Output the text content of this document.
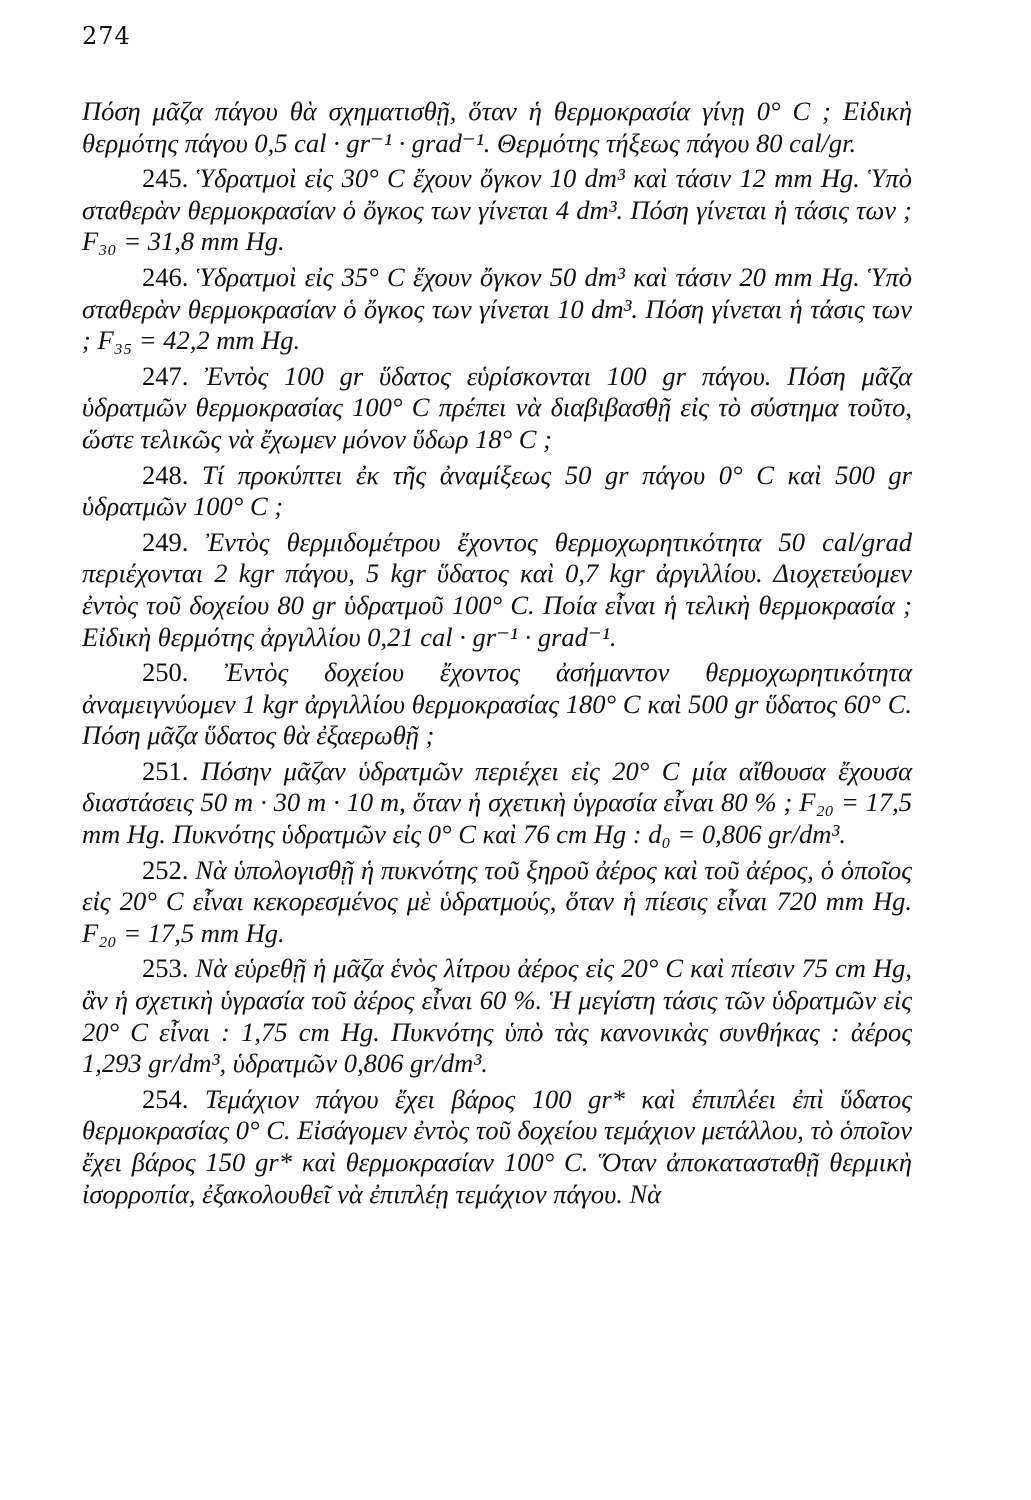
274

Πόση μᾶζα πάγου θὰ σχηματισθῇ, ὅταν ἡ θερμοκρασία γίνῃ 0° C ; Εἰδικὴ θερμότης πάγου 0,5 cal · gr⁻¹ · grad⁻¹. Θερμότης τήξεως πάγου 80 cal/gr.

245. Ὑδρατμοὶ εἰς 30° C ἔχουν ὄγκον 10 dm³ καὶ τάσιν 12 mm Hg. Ὑπὸ σταθερὰν θερμοκρασίαν ὁ ὄγκος των γίνεται 4 dm³. Πόση γίνεται ἡ τάσις των ; F₃₀ = 31,8 mm Hg.

246. Ὑδρατμοὶ εἰς 35° C ἔχουν ὄγκον 50 dm³ καὶ τάσιν 20 mm Hg. Ὑπὸ σταθερὰν θερμοκρασίαν ὁ ὄγκος των γίνεται 10 dm³. Πόση γίνεται ἡ τάσις των ; F₃₅ = 42,2 mm Hg.

247. Ἐντὸς 100 gr ὕδατος εὑρίσκονται 100 gr πάγου. Πόση μᾶζα ὑδρατμῶν θερμοκρασίας 100° C πρέπει νὰ διαβιβασθῇ εἰς τὸ σύστημα τοῦτο, ὥστε τελικῶς νὰ ἔχωμεν μόνον ὕδωρ 18° C ;

248. Τί προκύπτει ἐκ τῆς ἀναμίξεως 50 gr πάγου 0° C καὶ 500 gr ὑδρατμῶν 100° C ;

249. Ἐντὸς θερμιδομέτρου ἔχοντος θερμοχωρητικότητα 50 cal/grad περιέχονται 2 kgr πάγου, 5 kgr ὕδατος καὶ 0,7 kgr ἀργιλλίου. Διοχετεύομεν ἐντὸς τοῦ δοχείου 80 gr ὑδρατμοῦ 100° C. Ποία εἶναι ἡ τελικὴ θερμοκρασία ; Εἰδικὴ θερμότης ἀργιλλίου 0,21 cal · gr⁻¹ · grad⁻¹.

250. Ἐντὸς δοχείου ἔχοντος ἀσήμαντον θερμοχωρητικότητα ἀναμειγνύομεν 1 kgr ἀργιλλίου θερμοκρασίας 180° C καὶ 500 gr ὕδατος 60° C. Πόση μᾶζα ὕδατος θὰ ἐξαερωθῇ ;

251. Πόσην μᾶζαν ὑδρατμῶν περιέχει εἰς 20° C μία αἴθουσα ἔχουσα διαστάσεις 50 m · 30 m · 10 m, ὅταν ἡ σχετικὴ ὑγρασία εἶναι 80 % ; F₂₀ = 17,5 mm Hg. Πυκνότης ὑδρατμῶν εἰς 0° C καὶ 76 cm Hg : d₀ = 0,806 gr/dm³.

252. Νὰ ὑπολογισθῇ ἡ πυκνότης τοῦ ξηροῦ ἀέρος καὶ τοῦ ἀέρος, ὁ ὁποῖος εἰς 20° C εἶναι κεκορεσμένος μὲ ὑδρατμούς, ὅταν ἡ πίεσις εἶναι 720 mm Hg. F₂₀ = 17,5 mm Hg.

253. Νὰ εὑρεθῇ ἡ μᾶζα ἑνὸς λίτρου ἀέρος εἰς 20° C καὶ πίεσιν 75 cm Hg, ἂν ἡ σχετικὴ ὑγρασία τοῦ ἀέρος εἶναι 60 %. Ἡ μεγίστη τάσις τῶν ὑδρατμῶν εἰς 20° C εἶναι : 1,75 cm Hg. Πυκνότης ὑπὸ τὰς κανονικὰς συνθήκας : ἀέρος 1,293 gr/dm³, ὑδρατμῶν 0,806 gr/dm³.

254. Τεμάχιον πάγου ἔχει βάρος 100 gr* καὶ ἐπιπλέει ἐπὶ ὕδατος θερμοκρασίας 0° C. Εἰσάγομεν ἐντὸς τοῦ δοχείου τεμάχιον μετάλλου, τὸ ὁποῖον ἔχει βάρος 150 gr* καὶ θερμοκρασίαν 100° C. Ὅταν ἀποκατασταθῇ θερμικὴ ἰσορροπία, ἐξακολουθεῖ νὰ ἐπιπλέῃ τεμάχιον πάγου. Νὰ
